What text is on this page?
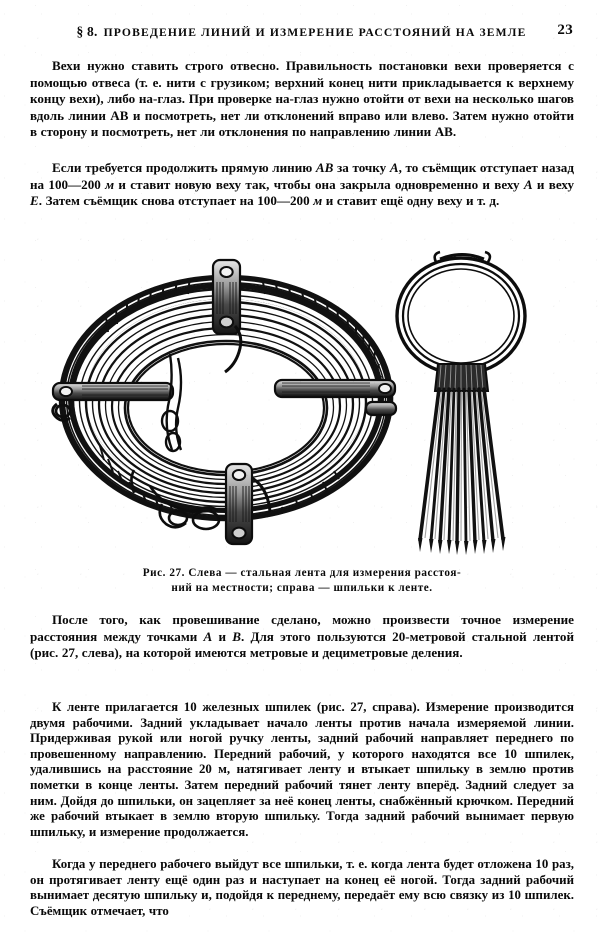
§ 8. ПРОВЕДЕНИЕ ЛИНИЙ И ИЗМЕРЕНИЕ РАССТОЯНИЙ НА ЗЕМЛЕ 23

Вехи нужно ставить строго отвесно. Правильность постановки вехи проверяется с помощью отвеса (т. е. нити с грузиком; верхний конец нити прикладывается к верхнему концу вехи), либо на-глаз. При проверке на-глаз нужно отойти от вехи на несколько шагов вдоль линии AB и посмотреть, нет ли отклонений вправо или влево. Затем нужно отойти в сторону и посмотреть, нет ли отклонения по направлению линии AB.

Если требуется продолжить прямую линию AB за точку A, то съёмщик отступает назад на 100—200 м и ставит новую веху так, чтобы она закрыла одновременно и веху A и веху E. Затем съёмщик снова отступает на 100—200 м и ставит ещё одну веху и т. д.

Рис. 27. Слева — стальная лента для измерения расстоя-
ний на местности; справа — шпильки к ленте.

После того, как провешивание сделано, можно произвести точное измерение расстояния между точками A и B. Для этого пользуются 20-метровой стальной лентой (рис. 27, слева), на которой имеются метровые и дециметровые деления.

К ленте прилагается 10 железных шпилек (рис. 27, справа). Измерение производится двумя рабочими. Задний укладывает начало ленты против начала измеряемой линии. Придерживая рукой или ногой ручку ленты, задний рабочий направляет переднего по провешенному направлению. Передний рабочий, у которого находятся все 10 шпилек, удалившись на расстояние 20 м, натягивает ленту и втыкает шпильку в землю против пометки в конце ленты. Затем передний рабочий тянет ленту вперёд. Задний следует за ним. Дойдя до шпильки, он зацепляет за неё конец ленты, снабжённый крючком. Передний же рабочий втыкает в землю вторую шпильку. Тогда задний рабочий вынимает первую шпильку, и измерение продолжается.

Когда у переднего рабочего выйдут все шпильки, т. е. когда лента будет отложена 10 раз, он протягивает ленту ещё один раз и наступает на конец её ногой. Тогда задний рабочий вынимает десятую шпильку и, подойдя к переднему, передаёт ему всю связку из 10 шпилек. Съёмщик отмечает, что
